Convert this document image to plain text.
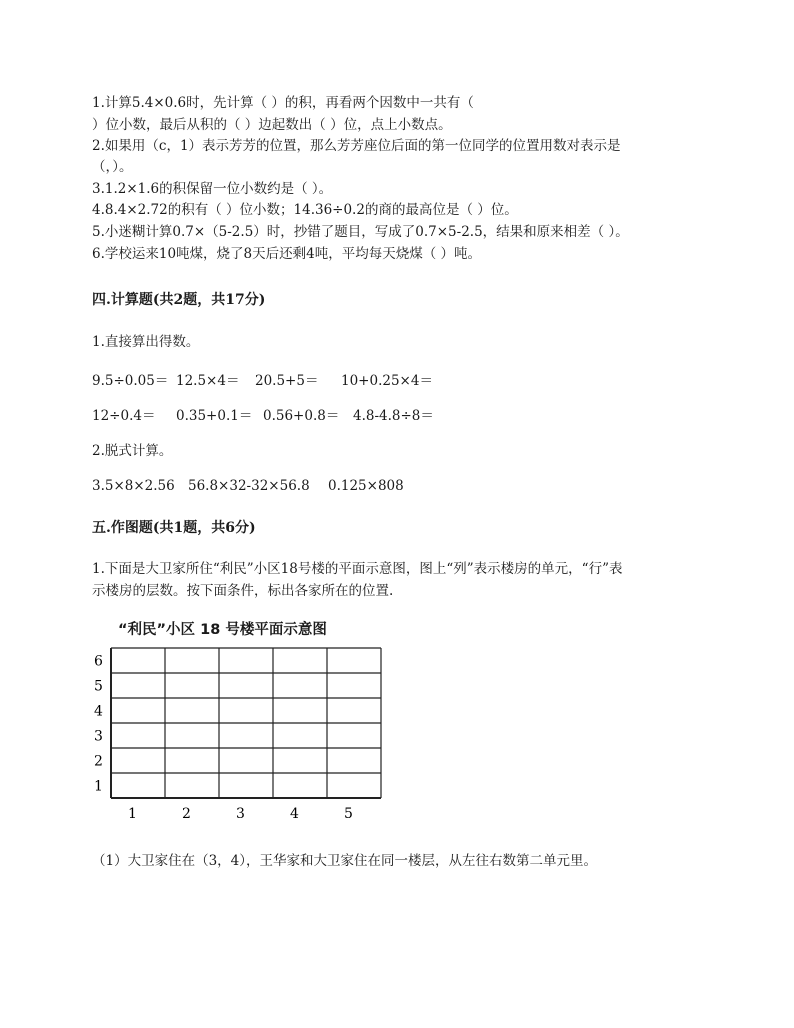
1.计算5.4×0.6时，先计算（ ）的积，再看两个因数中一共有（
）位小数，最后从积的（ ）边起数出（ ）位，点上小数点。
2.如果用（c，1）表示芳芳的位置，那么芳芳座位后面的第一位同学的位置用数对表示是
（，）。
3.1.2×1.6的积保留一位小数约是（ ）。
4.8.4×2.72的积有（ ）位小数；14.36÷0.2的商的最高位是（ ）位。
5.小迷糊计算0.7×（5-2.5）时，抄错了题目，写成了0.7×5-2.5，结果和原来相差（ ）。
6.学校运来10吨煤，烧了8天后还剩4吨，平均每天烧煤（ ）吨。
四.计算题(共2题，共17分)
1.直接算出得数。
9.5÷0.05＝ 12.5×4＝ 20.5+5＝ 10+0.25×4＝
12÷0.4＝ 0.35+0.1＝ 0.56+0.8＝ 4.8-4.8÷8＝
2.脱式计算。
3.5×8×2.56 56.8×32-32×56.8 0.125×808
五.作图题(共1题，共6分)
1.下面是大卫家所住“利民”小区18号楼的平面示意图，图上“列”表示楼房的单元，“行”表
示楼房的层数。按下面条件，标出各家所在的位置.
“利民”小区 18 号楼平面示意图
1
2
3
4
5
6
1	2	3	4	5
（1）大卫家住在（3，4），王华家和大卫家住在同一楼层，从左往右数第二单元里。
